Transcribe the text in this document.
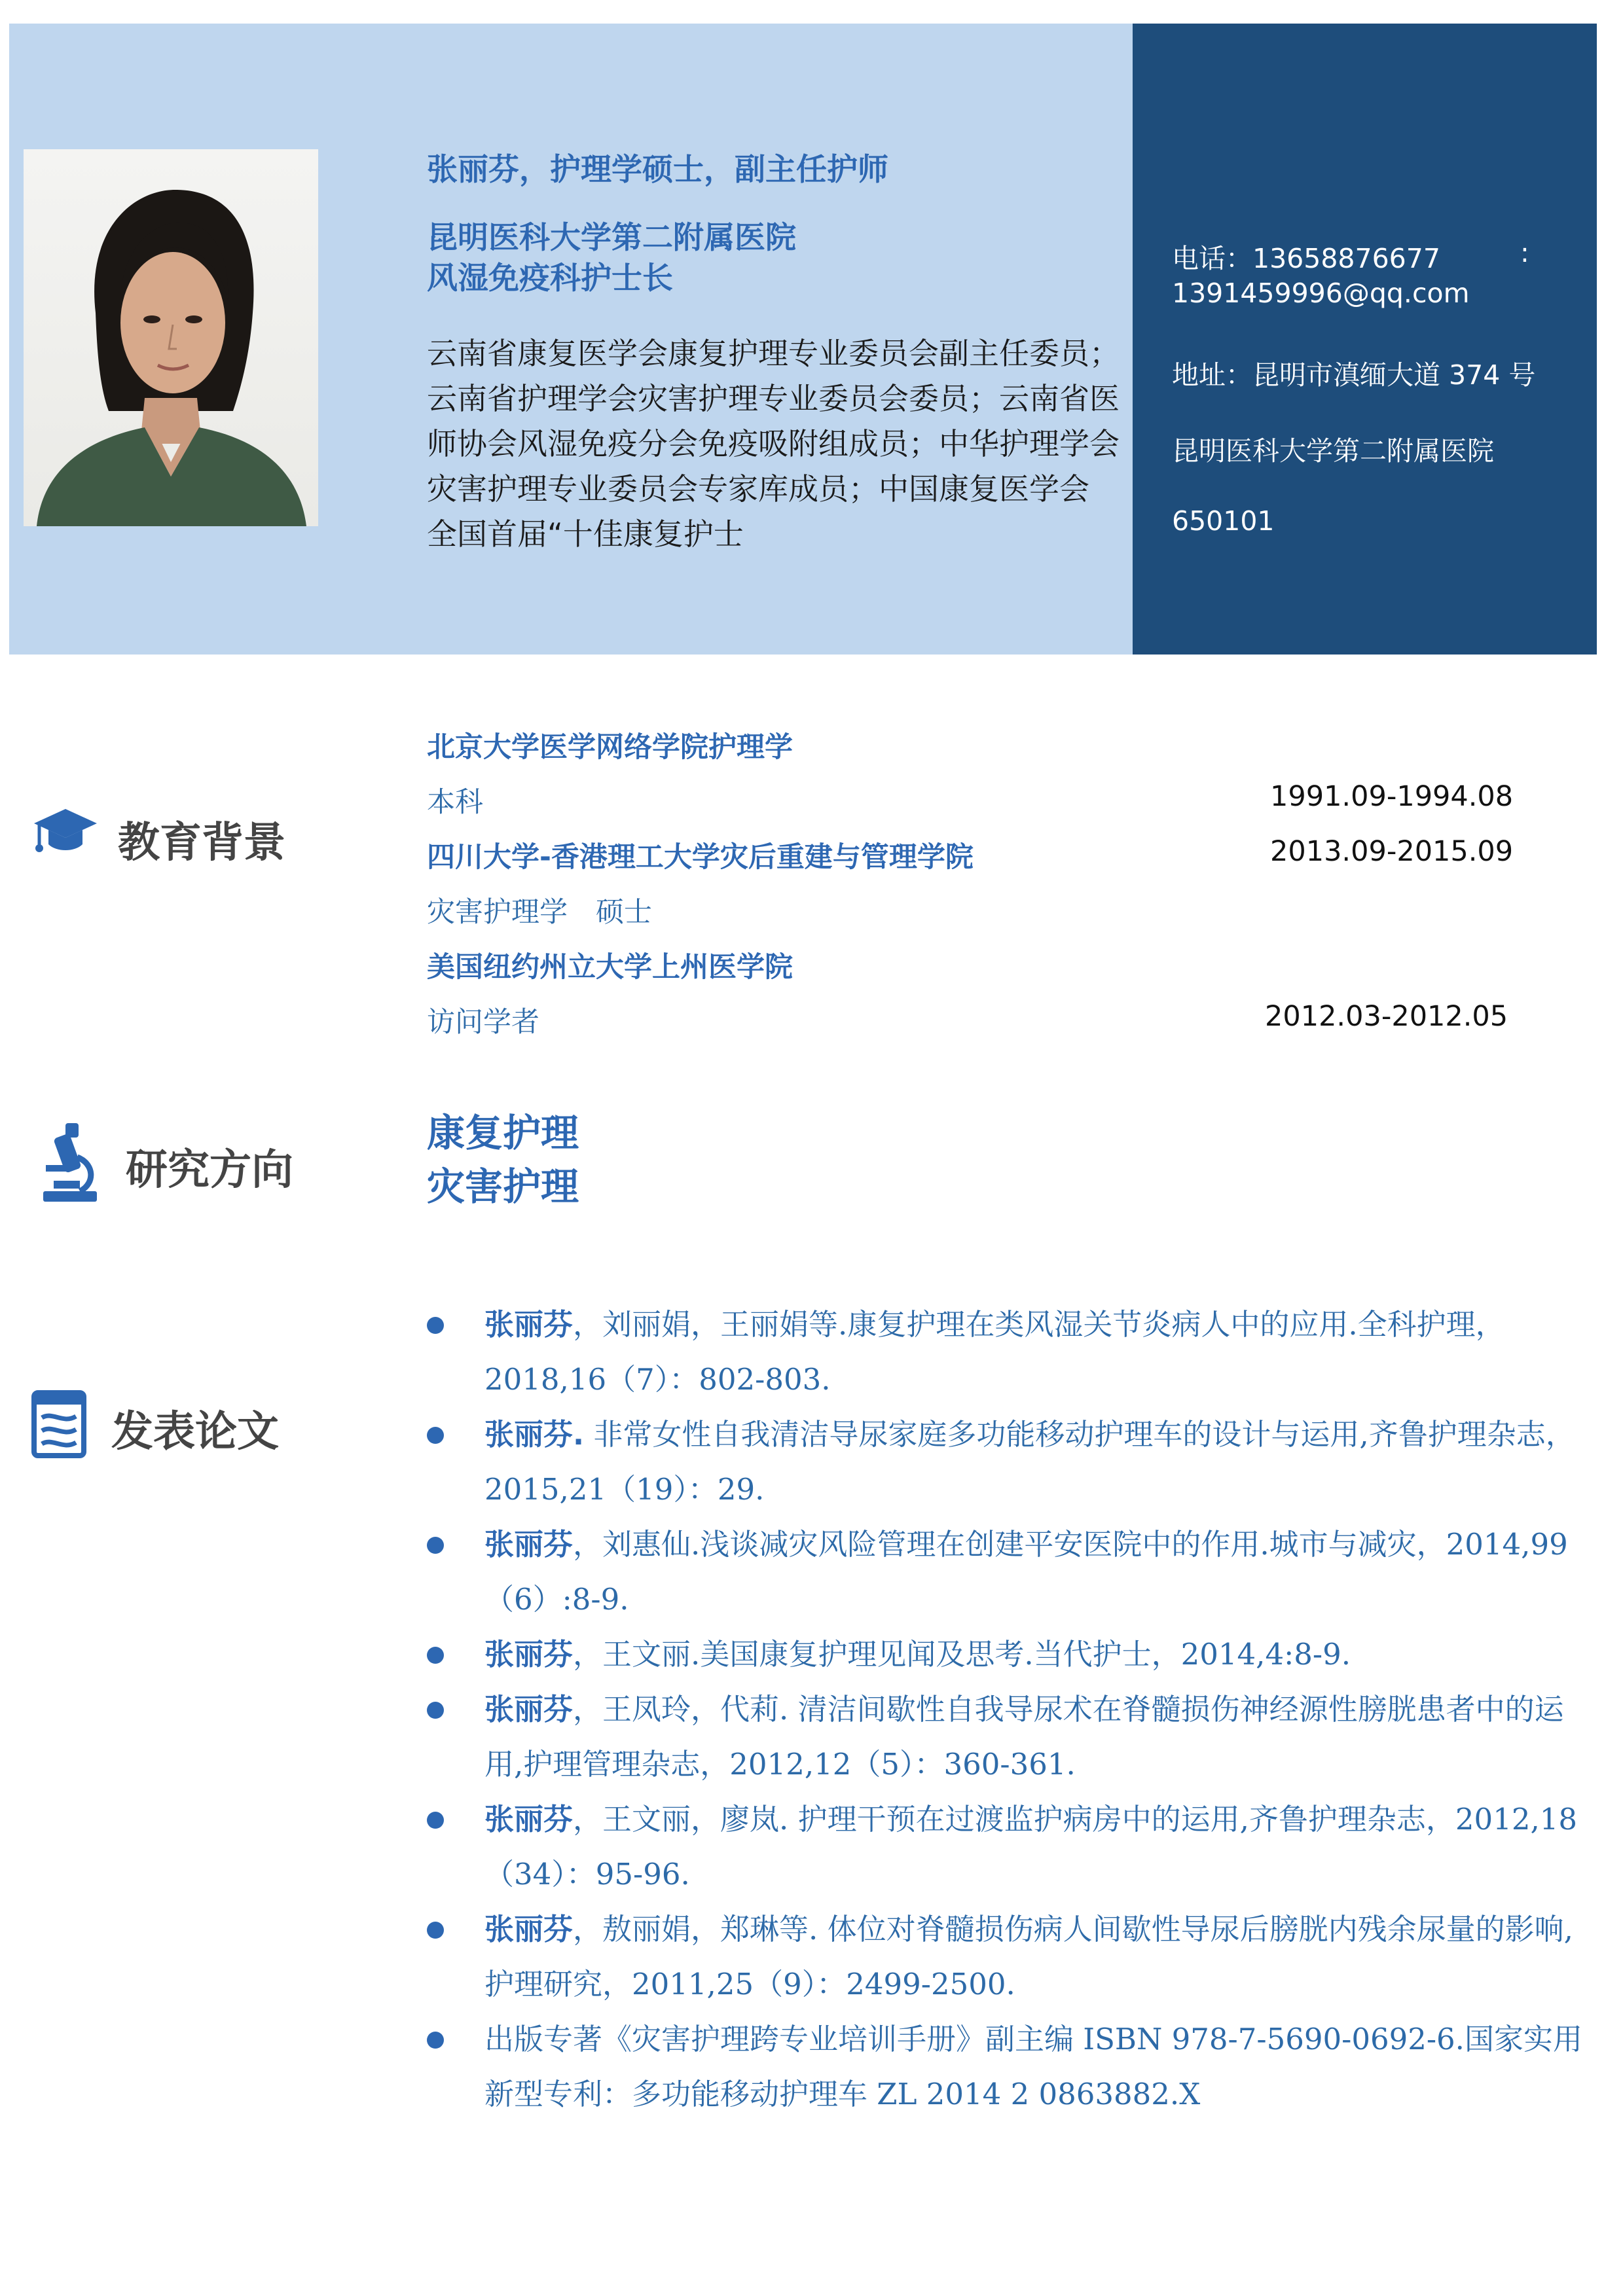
张丽芬，护理学硕士，副主任护师
昆明医科大学第二附属医院
风湿免疫科护士长
云南省康复医学会康复护理专业委员会副主任委员；云南省护理学会灾害护理专业委员会委员；云南省医师协会风湿免疫分会免疫吸附组成员；中华护理学会灾害护理专业委员会专家库成员；中国康复医学会 全国首届“十佳康复护士
电话：13658876677	:
1391459996@qq.com
地址：昆明市滇缅大道 374 号
昆明医科大学第二附属医院
650101
教育背景
北京大学医学网络学院护理学
本科	1991.09-1994.08
四川大学-香港理工大学灾后重建与管理学院	2013.09-2015.09
灾害护理学　硕士
美国纽约州立大学上州医学院
访问学者	2012.03-2012.05
研究方向
康复护理
灾害护理
发表论文
张丽芬，刘丽娟，王丽娟等.康复护理在类风湿关节炎病人中的应用.全科护理，2018,16（7）：802-803.
张丽芬. 非常女性自我清洁导尿家庭多功能移动护理车的设计与运用,齐鲁护理杂志，2015,21（19）：29.
张丽芬，刘惠仙.浅谈减灾风险管理在创建平安医院中的作用.城市与减灾，2014,99（6）:8-9.
张丽芬，王文丽.美国康复护理见闻及思考.当代护士，2014,4:8-9.
张丽芬，王凤玲，代莉. 清洁间歇性自我导尿术在脊髓损伤神经源性膀胱患者中的运用,护理管理杂志，2012,12（5）：360-361.
张丽芬，王文丽，廖岚. 护理干预在过渡监护病房中的运用,齐鲁护理杂志，2012,18（34）：95-96.
张丽芬，敖丽娟，郑琳等. 体位对脊髓损伤病人间歇性导尿后膀胱内残余尿量的影响,护理研究，2011,25（9）：2499-2500.
出版专著《灾害护理跨专业培训手册》副主编 ISBN 978-7-5690-0692-6.国家实用新型专利：多功能移动护理车 ZL 2014 2 0863882.X
